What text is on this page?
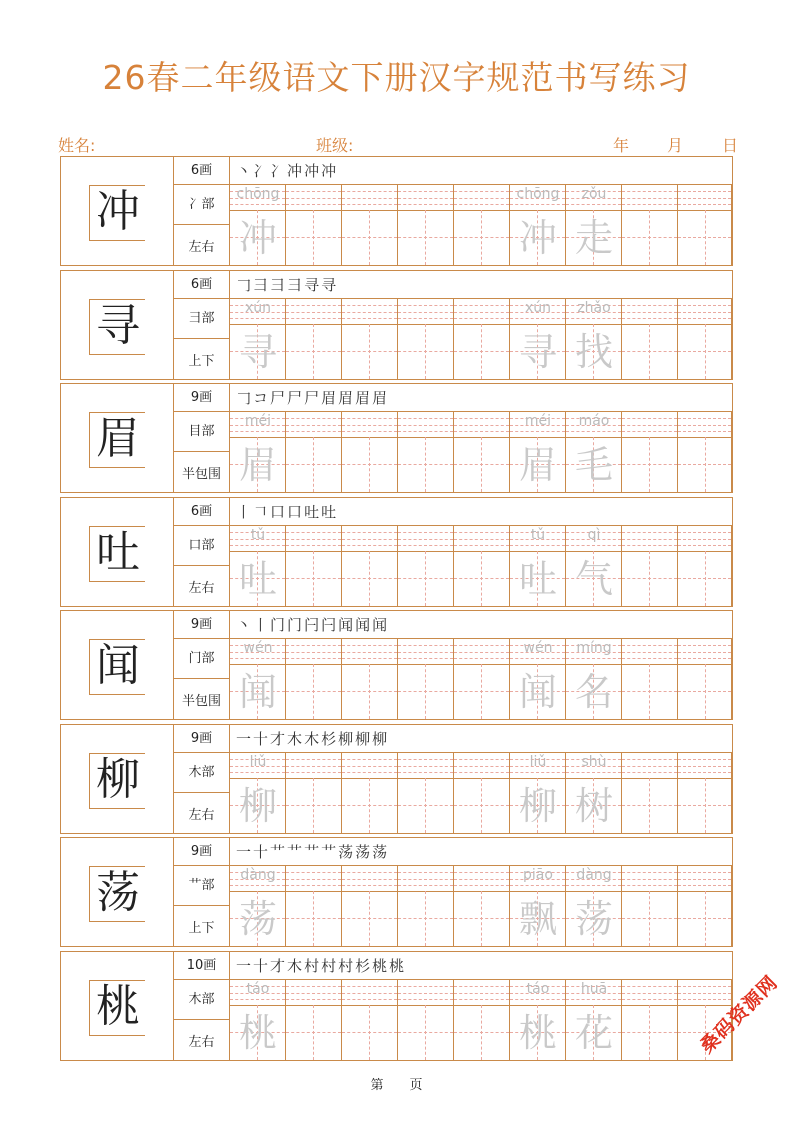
26春二年级语文下册汉字规范书写练习
姓名:	班级:	年 月 日
冲
6画
冫部
左右
丶冫冫冲冲冲
chōng
冲
chōng
冲
zǒu
走
寻
6画
彐部
上下
𠃌彐彐彐寻寻
xún
寻
xún
寻
zhǎo
找
眉
9画
目部
半包围
𠃌コ尸尸尸眉眉眉眉
méi
眉
méi
眉
máo
毛
吐
6画
口部
左右
丨𠃍口口吐吐
tǔ
吐
tǔ
吐
qì
气
闻
9画
门部
半包围
丶丨门门闩闩闻闻闻
wén
闻
wén
闻
míng
名
柳
9画
木部
左右
一十才木木杉柳柳柳
liǔ
柳
liǔ
柳
shù
树
荡
9画
艹部
上下
一十艹艹艹艹荡荡荡
dàng
荡
piāo
飘
dàng
荡
桃
10画
木部
左右
一十才木村村村杉桃桃
táo
桃
táo
桃
huā
花
第　　页
桑码资源网
